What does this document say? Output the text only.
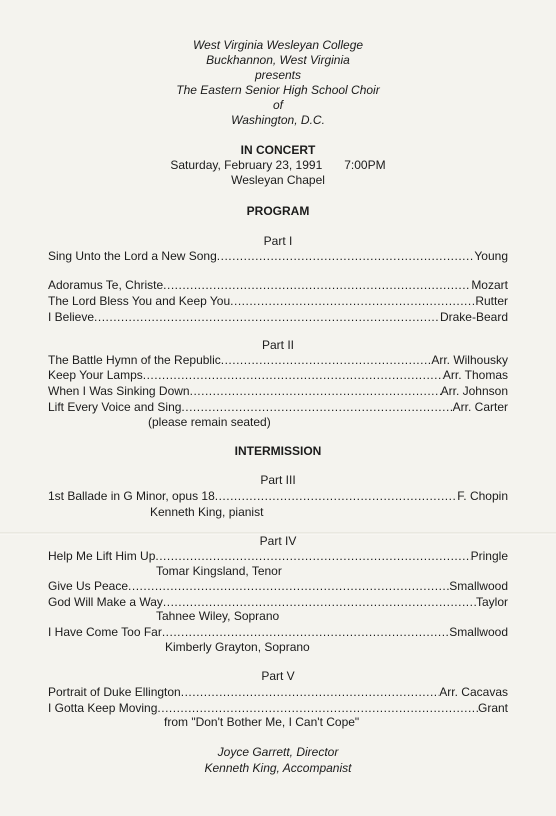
West Virginia Wesleyan College
Buckhannon, West Virginia
presents
The Eastern Senior High School Choir
of
Washington, D.C.
IN CONCERT
Saturday, February 23, 1991 7:00PM
Wesleyan Chapel
PROGRAM
Part I
Sing Unto the Lord a New Song .....	Young
Adoramus Te, Christe .....	Mozart
The Lord Bless You and Keep You .....	Rutter
I Believe .....	Drake-Beard
Part II
The Battle Hymn of the Republic .....	Arr. Wilhousky
Keep Your Lamps .....	Arr. Thomas
When I Was Sinking Down .....	Arr. Johnson
Lift Every Voice and Sing .....	Arr. Carter
(please remain seated)
INTERMISSION
Part III
1st Ballade in G Minor, opus 18 .....	F. Chopin
Kenneth King, pianist
Part IV
Help Me Lift Him Up .....	Pringle
Tomar Kingsland, Tenor
Give Us Peace .....	Smallwood
God Will Make a Way .....	Taylor
Tahnee Wiley, Soprano
I Have Come Too Far .....	Smallwood
Kimberly Grayton, Soprano
Part V
Portrait of Duke Ellington .....	Arr. Cacavas
I Gotta Keep Moving .....	Grant
from "Don't Bother Me, I Can't Cope"
Joyce Garrett, Director
Kenneth King, Accompanist
